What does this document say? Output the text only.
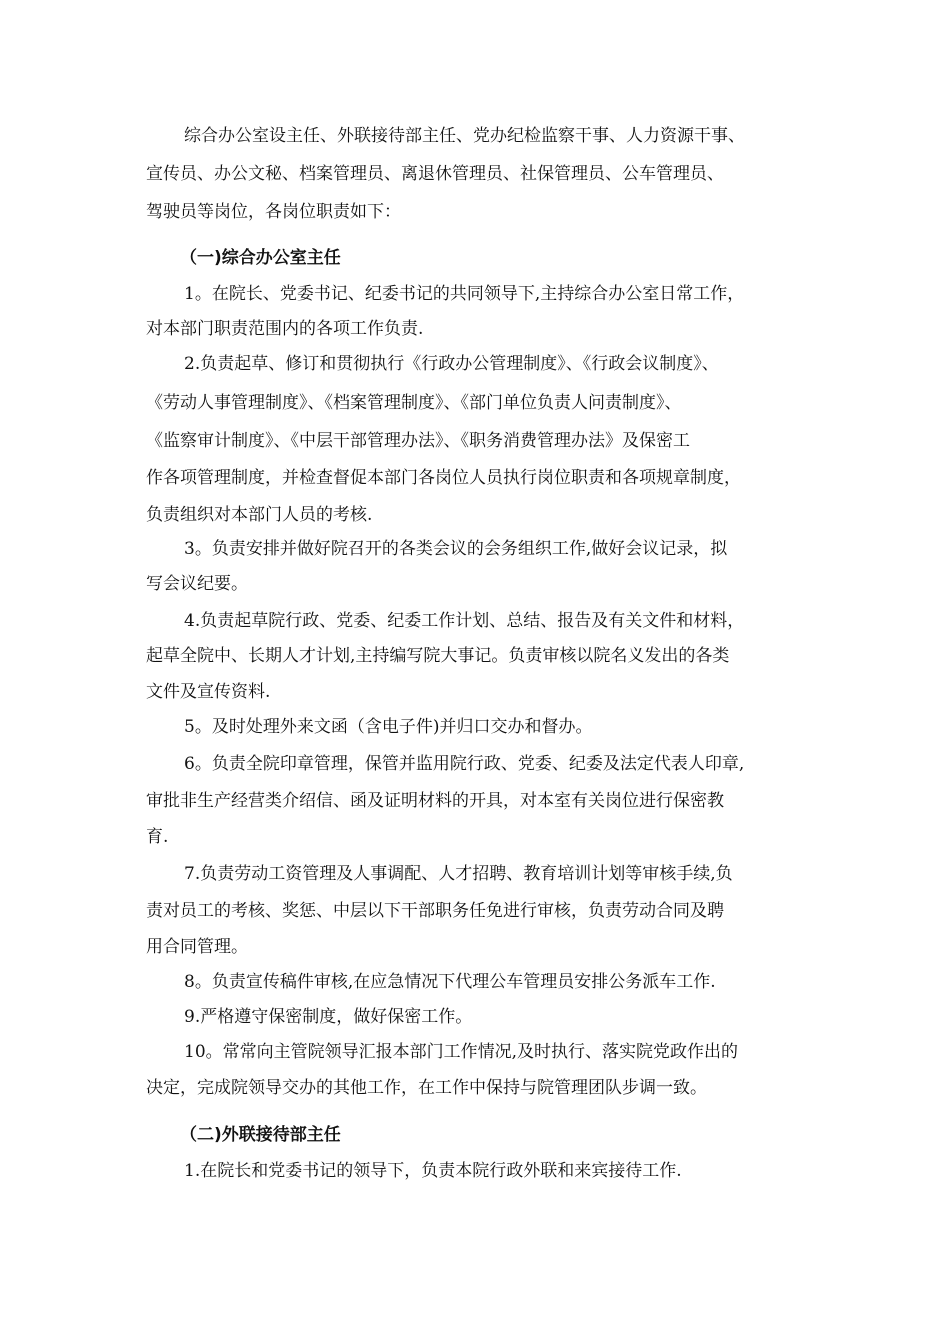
综合办公室设主任、外联接待部主任、党办纪检监察干事、人力资源干事、
宣传员、办公文秘、档案管理员、离退休管理员、社保管理员、公车管理员、
驾驶员等岗位，各岗位职责如下：
（一)综合办公室主任
1。在院长、党委书记、纪委书记的共同领导下,主持综合办公室日常工作，
对本部门职责范围内的各项工作负责.
2.负责起草、修订和贯彻执行《行政办公管理制度》、《行政会议制度》、
《劳动人事管理制度》、《档案管理制度》、《部门单位负责人问责制度》、
《监察审计制度》、《中层干部管理办法》、《职务消费管理办法》及保密工
作各项管理制度，并检查督促本部门各岗位人员执行岗位职责和各项规章制度，
负责组织对本部门人员的考核.
3。负责安排并做好院召开的各类会议的会务组织工作,做好会议记录，拟
写会议纪要。
4.负责起草院行政、党委、纪委工作计划、总结、报告及有关文件和材料，
起草全院中、长期人才计划,主持编写院大事记。负责审核以院名义发出的各类
文件及宣传资料.
5。及时处理外来文函（含电子件)并归口交办和督办。
6。负责全院印章管理，保管并监用院行政、党委、纪委及法定代表人印章,
审批非生产经营类介绍信、函及证明材料的开具，对本室有关岗位进行保密教
育.
7.负责劳动工资管理及人事调配、人才招聘、教育培训计划等审核手续,负
责对员工的考核、奖惩、中层以下干部职务任免进行审核，负责劳动合同及聘
用合同管理。
8。负责宣传稿件审核,在应急情况下代理公车管理员安排公务派车工作.
9.严格遵守保密制度，做好保密工作。
10。常常向主管院领导汇报本部门工作情况,及时执行、落实院党政作出的
决定，完成院领导交办的其他工作，在工作中保持与院管理团队步调一致。
（二)外联接待部主任
1.在院长和党委书记的领导下，负责本院行政外联和来宾接待工作.
